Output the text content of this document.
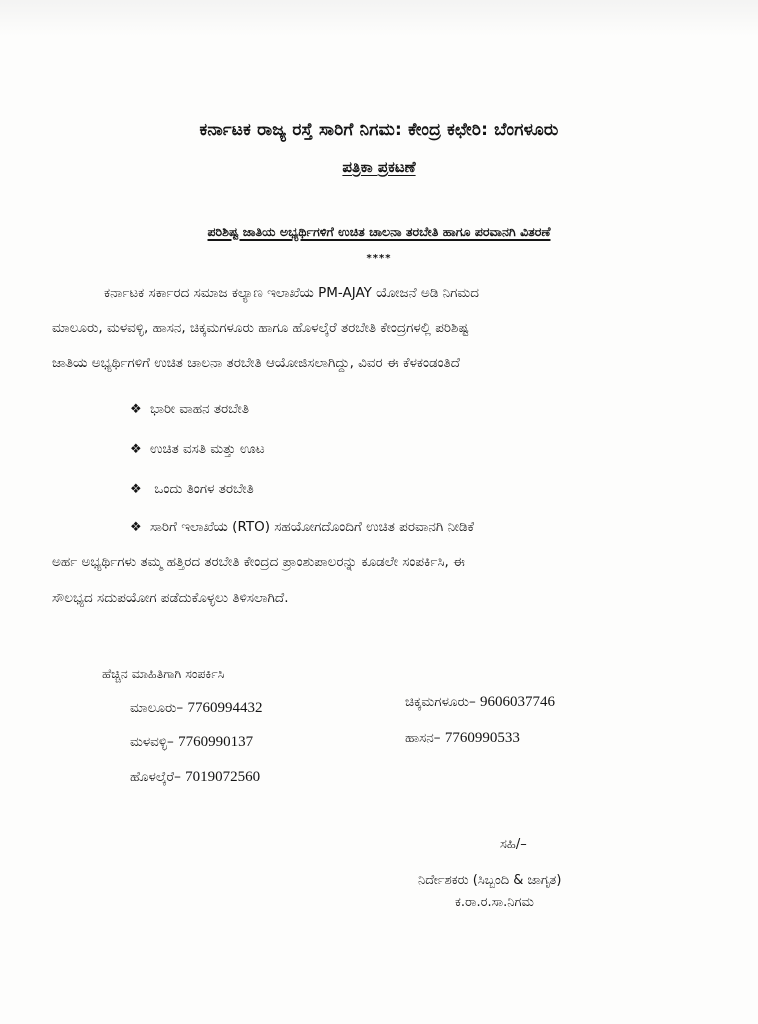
ಕರ್ನಾಟಕ ರಾಜ್ಯ ರಸ್ತೆ ಸಾರಿಗೆ ನಿಗಮ: ಕೇಂದ್ರ ಕಛೇರಿ: ಬೆಂಗಳೂರು
ಪತ್ರಿಕಾ ಪ್ರಕಟಣೆ
ಪರಿಶಿಷ್ಟ ಜಾತಿಯ ಅಭ್ಯರ್ಥಿಗಳಿಗೆ ಉಚಿತ ಚಾಲನಾ ತರಬೇತಿ ಹಾಗೂ ಪರವಾನಗಿ ವಿತರಣೆ
****
ಕರ್ನಾಟಕ ಸರ್ಕಾರದ ಸಮಾಜ ಕಲ್ಯಾಣ ಇಲಾಖೆಯ PM-AJAY ಯೋಜನೆ ಅಡಿ ನಿಗಮದ
ಮಾಲೂರು, ಮಳವಳ್ಳಿ, ಹಾಸನ, ಚಿಕ್ಕಮಗಳೂರು ಹಾಗೂ ಹೊಳಲ್ಕೆರೆ ತರಬೇತಿ ಕೇಂದ್ರಗಳಲ್ಲಿ ಪರಿಶಿಷ್ಟ
ಜಾತಿಯ ಅಭ್ಯರ್ಥಿಗಳಿಗೆ ಉಚಿತ ಚಾಲನಾ ತರಬೇತಿ ಆಯೋಜಿಸಲಾಗಿದ್ದು, ವಿವರ ಈ ಕೆಳಕಂಡಂತಿದೆ
❖ ಭಾರೀ ವಾಹನ ತರಬೇತಿ
❖ ಉಚಿತ ವಸತಿ ಮತ್ತು ಊಟ
❖ ಒಂದು ತಿಂಗಳ ತರಬೇತಿ
❖ ಸಾರಿಗೆ ಇಲಾಖೆಯ (RTO) ಸಹಯೋಗದೊಂದಿಗೆ ಉಚಿತ ಪರವಾನಗಿ ನೀಡಿಕೆ
ಅರ್ಹ ಅಭ್ಯರ್ಥಿಗಳು ತಮ್ಮ ಹತ್ತಿರದ ತರಬೇತಿ ಕೇಂದ್ರದ ಪ್ರಾಂಶುಪಾಲರನ್ನು ಕೂಡಲೇ ಸಂಪರ್ಕಿಸಿ, ಈ
ಸೌಲಭ್ಯದ ಸದುಪಯೋಗ ಪಡೆದುಕೊಳ್ಳಲು ತಿಳಿಸಲಾಗಿದೆ.
ಹೆಚ್ಚಿನ ಮಾಹಿತಿಗಾಗಿ ಸಂಪರ್ಕಿಸಿ
ಮಾಲೂರು– 7760994432
ಮಳವಳ್ಳಿ– 7760990137
ಹೊಳಲ್ಕೆರೆ– 7019072560
ಚಿಕ್ಕಮಗಳೂರು– 9606037746
ಹಾಸನ– 7760990533
ಸಹಿ/–
ನಿರ್ದೇಶಕರು (ಸಿಬ್ಬಂದಿ & ಜಾಗೃತ)
ಕ.ರಾ.ರ.ಸಾ.ನಿಗಮ
